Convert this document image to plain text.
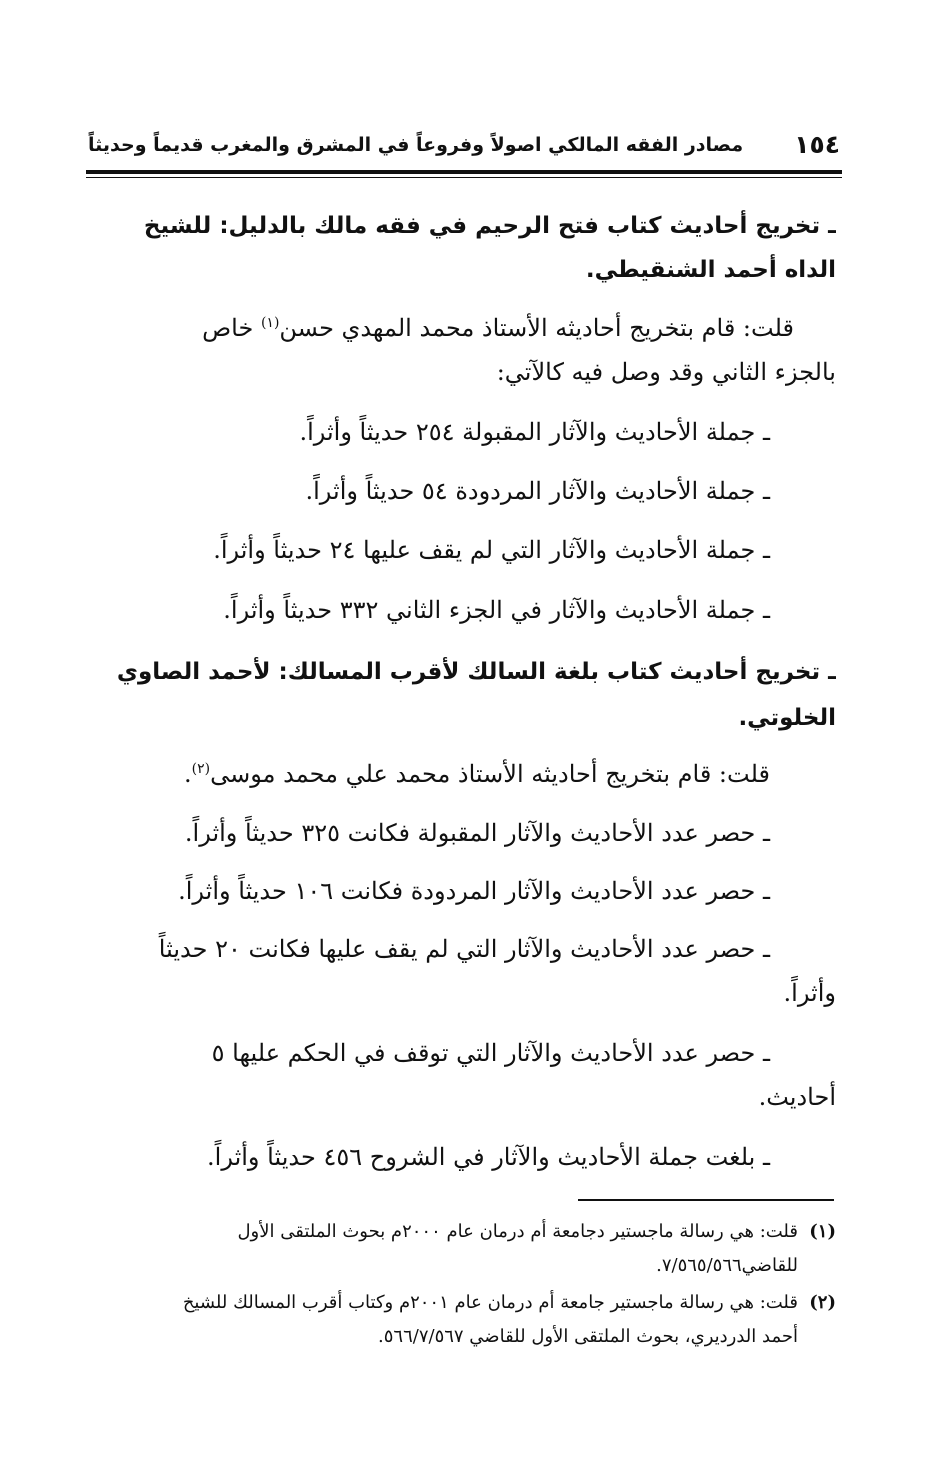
١٥٤
مصادر الفقه المالكي اصولاً وفروعاً في المشرق والمغرب قديماً وحديثاً
ـ تخريج أحاديث كتاب فتح الرحيم في فقه مالك بالدليل: للشيخ
الداه أحمد الشنقيطي.
قلت: قام بتخريج أحاديثه الأستاذ محمد المهدي حسن$^{(١)}$ خاص
بالجزء الثاني وقد وصل فيه كالآتي:
ـ جملة الأحاديث والآثار المقبولة ٢٥٤ حديثاً وأثراً.
ـ جملة الأحاديث والآثار المردودة ٥٤ حديثاً وأثراً.
ـ جملة الأحاديث والآثار التي لم يقف عليها ٢٤ حديثاً وأثراً.
ـ جملة الأحاديث والآثار في الجزء الثاني ٣٣٢ حديثاً وأثراً.
ـ تخريج أحاديث كتاب بلغة السالك لأقرب المسالك: لأحمد الصاوي
الخلوتي.
قلت: قام بتخريج أحاديثه الأستاذ محمد علي محمد موسى$^{(٢)}$.
ـ حصر عدد الأحاديث والآثار المقبولة فكانت ٣٢٥ حديثاً وأثراً.
ـ حصر عدد الأحاديث والآثار المردودة فكانت ١٠٦ حديثاً وأثراً.
ـ حصر عدد الأحاديث والآثار التي لم يقف عليها فكانت ٢٠ حديثاً
وأثراً.
ـ حصر عدد الأحاديث والآثار التي توقف في الحكم عليها ٥
أحاديث.
ـ بلغت جملة الأحاديث والآثار في الشروح ٤٥٦ حديثاً وأثراً.
(١)قلت: هي رسالة ماجستير دجامعة أم درمان عام ٢٠٠٠م بحوث الملتقى الأول
للقاضي٧/٥٦٥/٥٦٦.
(٢)قلت: هي رسالة ماجستير جامعة أم درمان عام ٢٠٠١م وكتاب أقرب المسالك للشيخ
أحمد الدرديري، بحوث الملتقى الأول للقاضي ٥٦٦/٧/٥٦٧.
